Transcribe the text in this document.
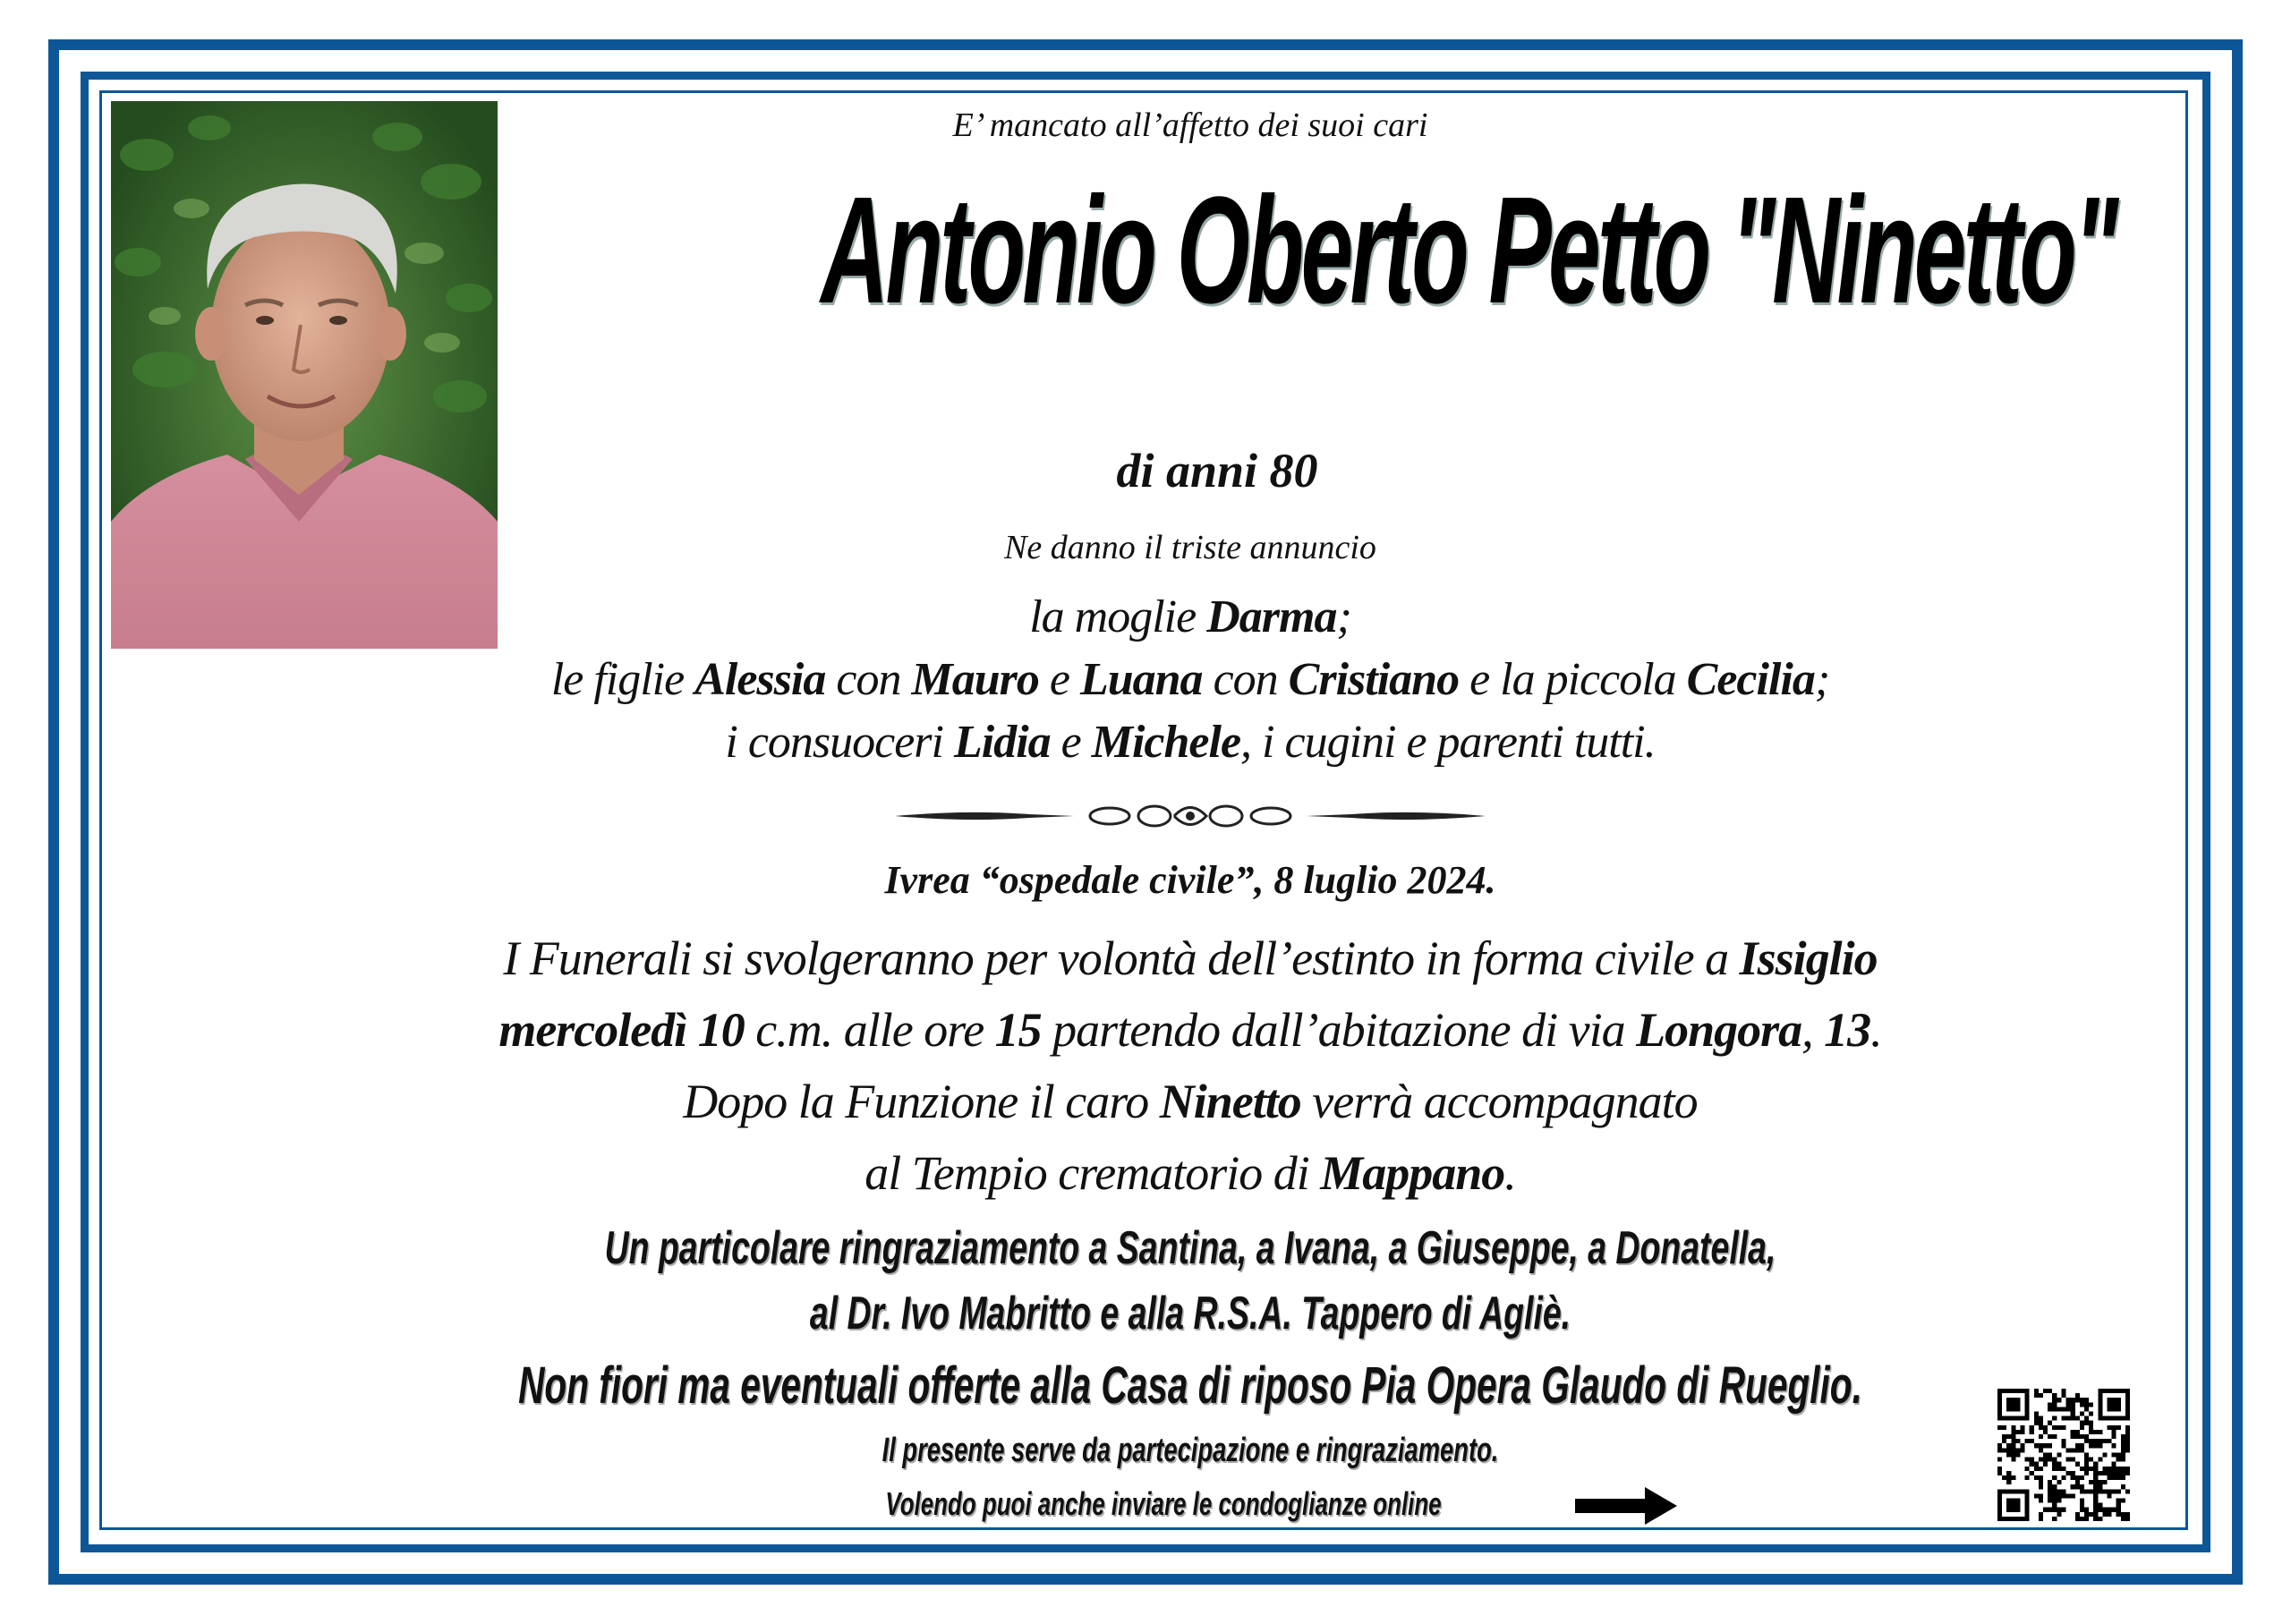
E’ mancato all’affetto dei suoi cari
Antonio Oberto Petto "Ninetto"
di anni 80
Ne danno il triste annuncio
la moglie Darma;
le figlie Alessia con Mauro e Luana con Cristiano e la piccola Cecilia;
i consuoceri Lidia e Michele, i cugini e parenti tutti.
Ivrea “ospedale civile”, 8 luglio 2024.
I Funerali si svolgeranno per volontà dell’estinto in forma civile a Issiglio
mercoledì 10 c.m. alle ore 15 partendo dall’abitazione di via Longora, 13.
Dopo la Funzione il caro Ninetto verrà accompagnato
al Tempio crematorio di Mappano.
Un particolare ringraziamento a Santina, a Ivana, a Giuseppe, a Donatella,
al Dr. Ivo Mabritto e alla R.S.A. Tappero di Agliè.
Non fiori ma eventuali offerte alla Casa di riposo Pia Opera Glaudo di Rueglio.
Il presente serve da partecipazione e ringraziamento.
Volendo puoi anche inviare le condoglianze online
